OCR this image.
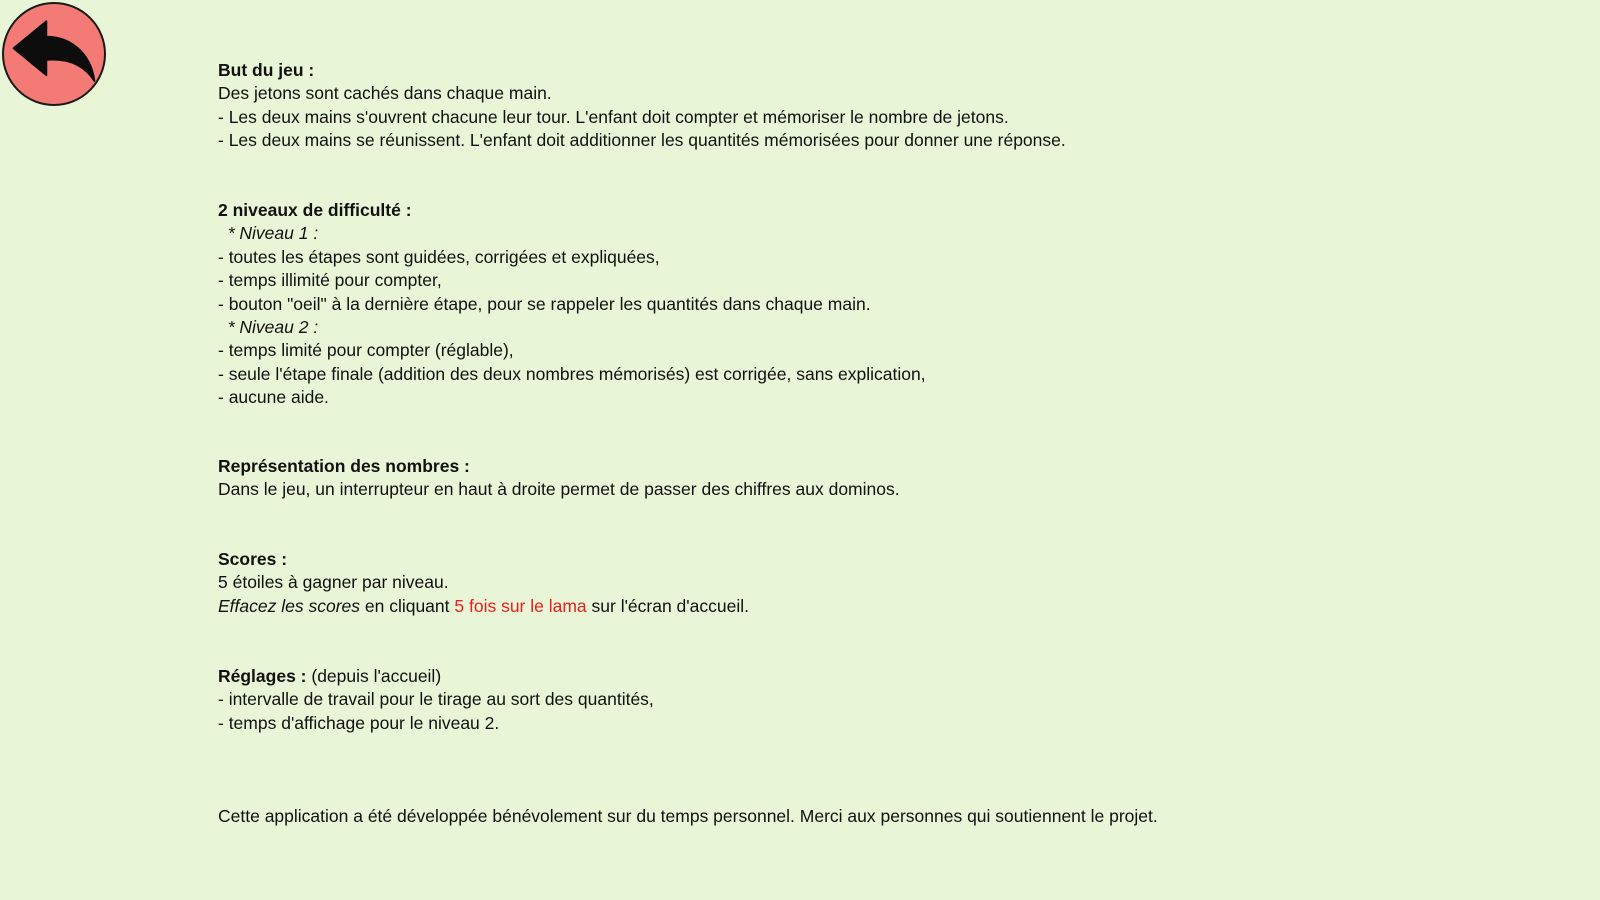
But du jeu :

Des jetons sont cachés dans chaque main.

- Les deux mains s'ouvrent chacune leur tour. L'enfant doit compter et mémoriser le nombre de jetons.

- Les deux mains se réunissent. L'enfant doit additionner les quantités mémorisées pour donner une réponse.

2 niveaux de difficulté :

* Niveau 1 :

- toutes les étapes sont guidées, corrigées et expliquées,

- temps illimité pour compter,

- bouton "oeil" à la dernière étape, pour se rappeler les quantités dans chaque main.

* Niveau 2 :

- temps limité pour compter (réglable),

- seule l'étape finale (addition des deux nombres mémorisés) est corrigée, sans explication,

- aucune aide.

Représentation des nombres :

Dans le jeu, un interrupteur en haut à droite permet de passer des chiffres aux dominos.

Scores :

5 étoiles à gagner par niveau.

Effacez les scores en cliquant 5 fois sur le lama sur l'écran d'accueil.

Réglages : (depuis l'accueil)

- intervalle de travail pour le tirage au sort des quantités,

- temps d'affichage pour le niveau 2.

Cette application a été développée bénévolement sur du temps personnel. Merci aux personnes qui soutiennent le projet.
